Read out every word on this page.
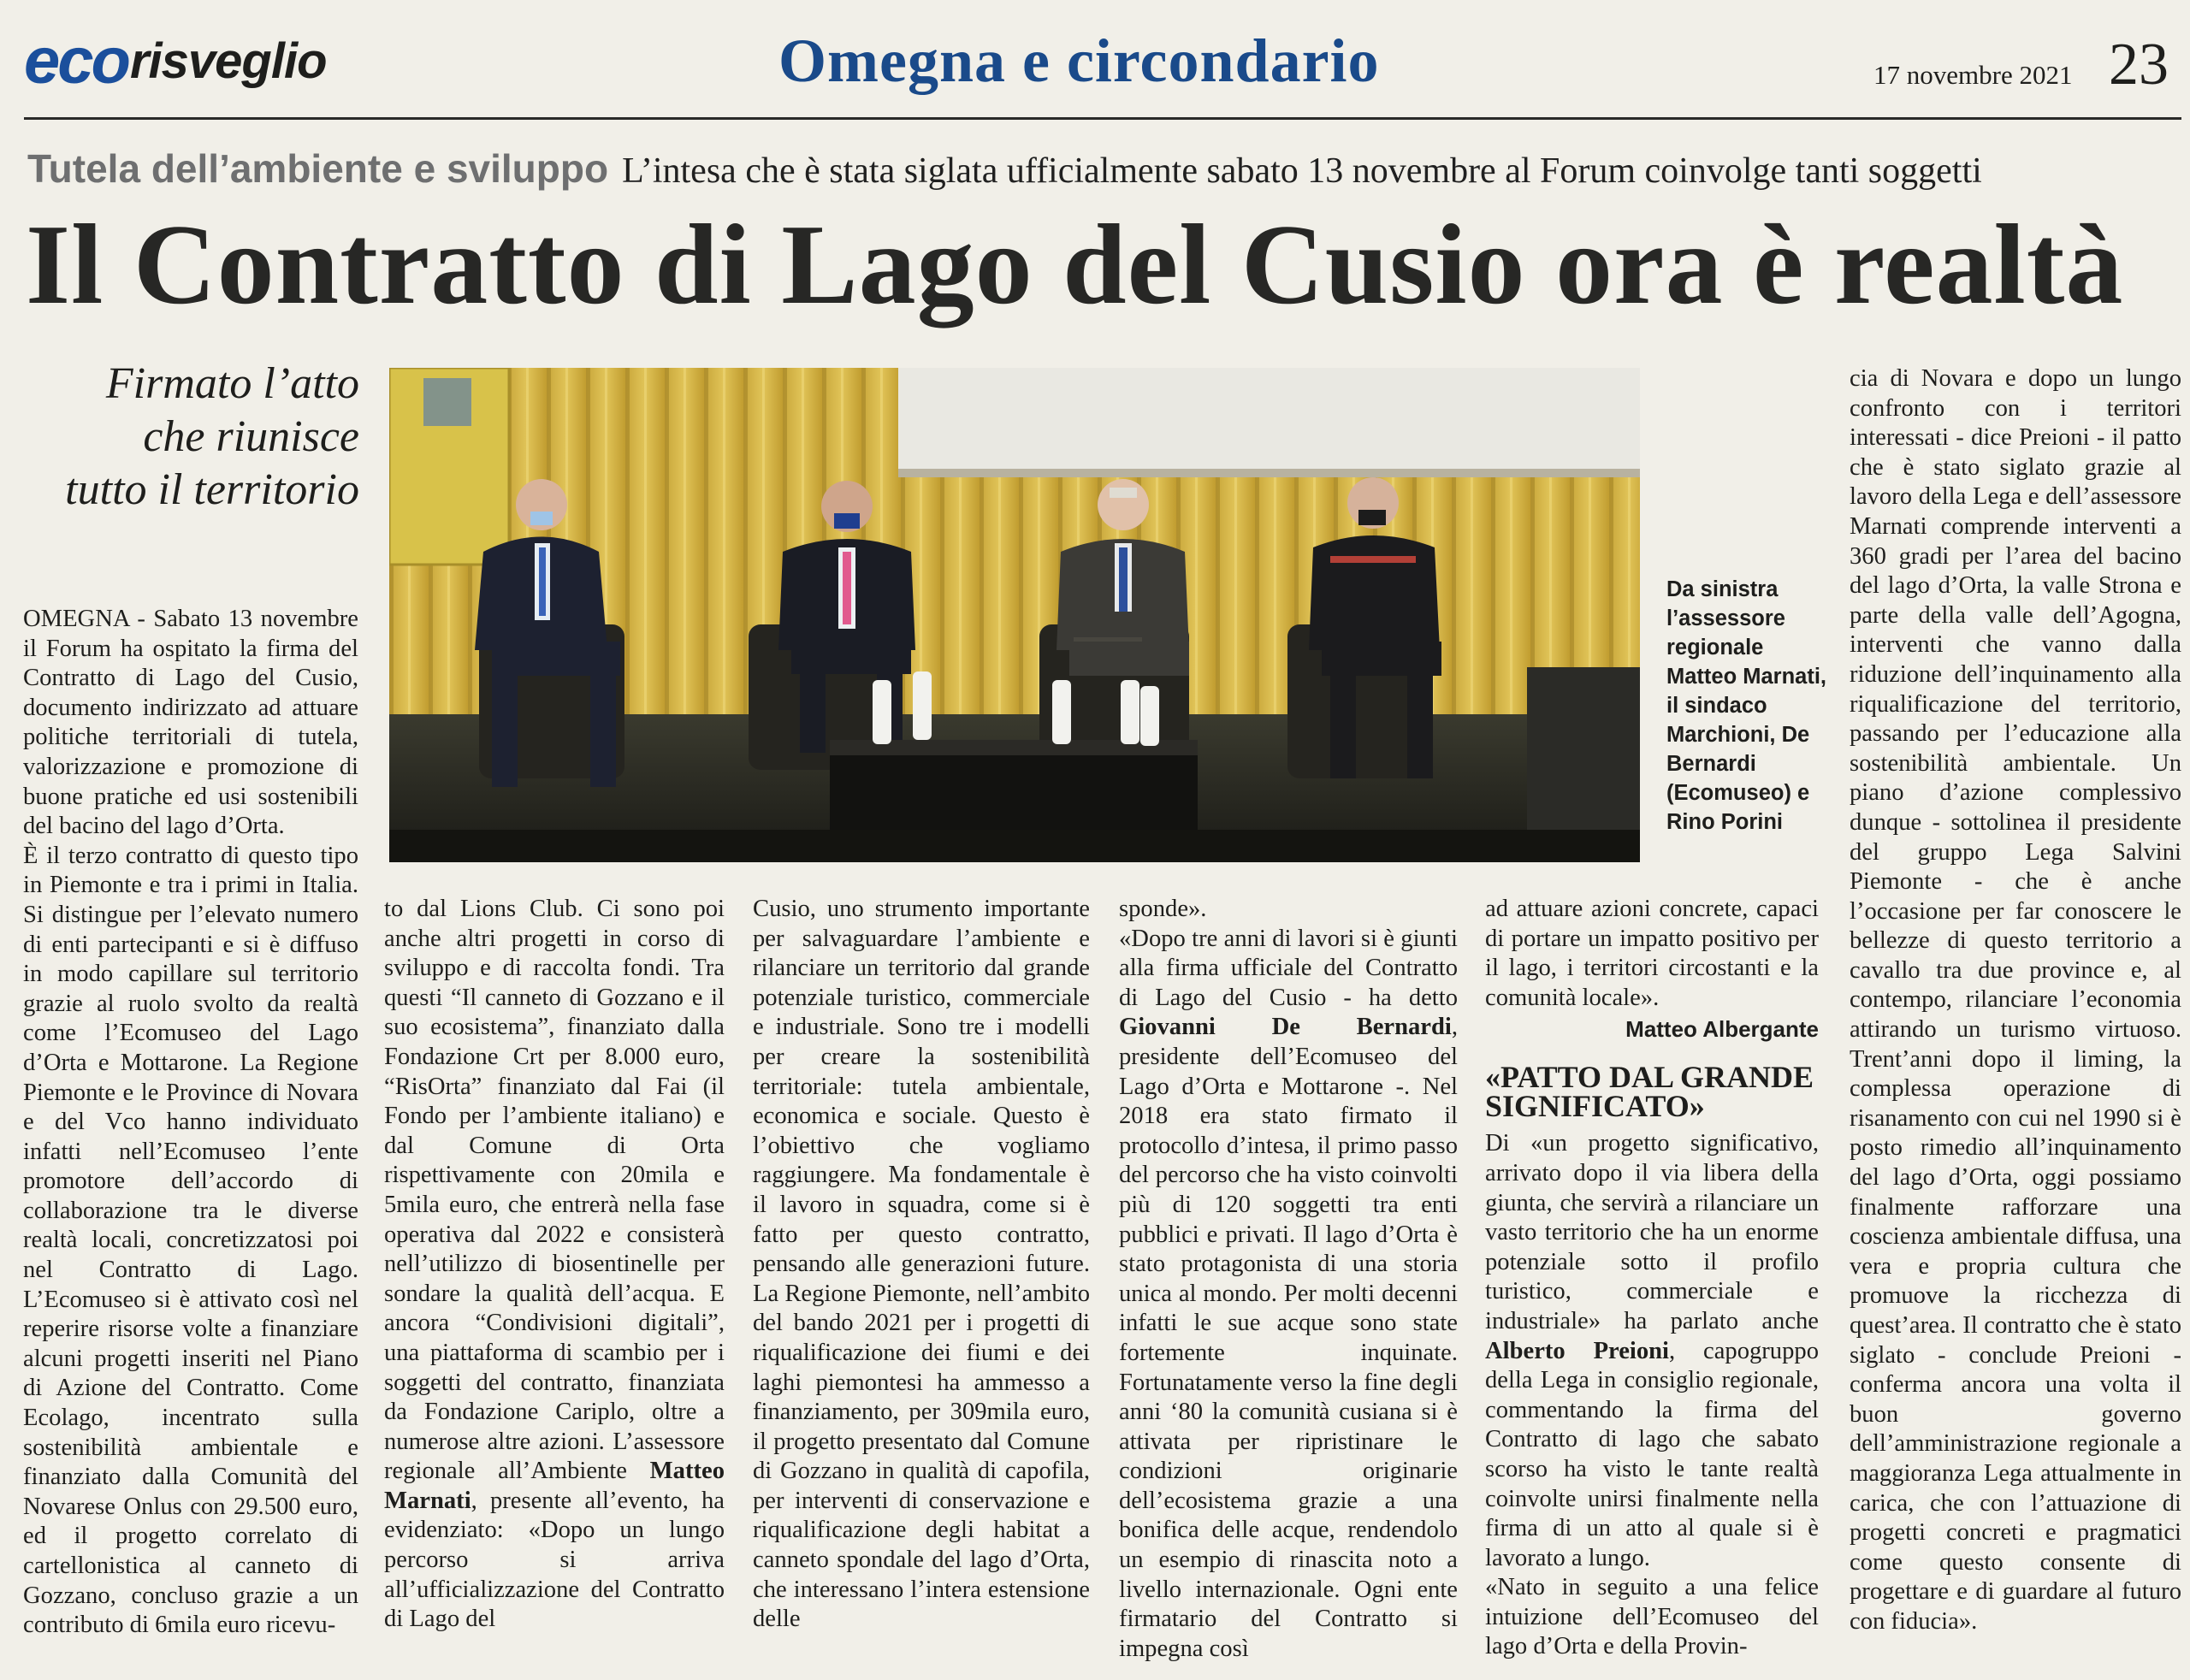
eco risveglio	Omegna e circondario	17 novembre 2021 23
Tutela dell’ambiente e sviluppo L’intesa che è stata siglata ufficialmente sabato 13 novembre al Forum coinvolge tanti soggetti
Il Contratto di Lago del Cusio ora è realtà
Firmato l’atto
che riunisce
tutto il territorio
Da sinistra l’assessore regionale Matteo Marnati, il sindaco Marchioni, De Bernardi (Ecomuseo) e Rino Porini

OMEGNA - Sabato 13 novembre il Forum ha ospitato la firma del Contratto di Lago del Cusio, documento indirizzato ad attuare politiche territoriali di tutela, valorizzazione e promozione di buone pratiche ed usi sostenibili del bacino del lago d’Orta.

È il terzo contratto di questo tipo in Piemonte e tra i primi in Italia. Si distingue per l’elevato numero di enti partecipanti e si è diffuso in modo capillare sul territorio grazie al ruolo svolto da realtà come l’Ecomuseo del Lago d’Orta e Mottarone. La Regione Piemonte e le Province di Novara e del Vco hanno individuato infatti nell’Ecomuseo l’ente promotore dell’accordo di collaborazione tra le diverse realtà locali, concretizzatosi poi nel Contratto di Lago. L’Ecomuseo si è attivato così nel reperire risorse volte a finanziare alcuni progetti inseriti nel Piano di Azione del Contratto. Come Ecolago, incentrato sulla sostenibilità ambientale e finanziato dalla Comunità del Novarese Onlus con 29.500 euro, ed il progetto correlato di cartellonistica al canneto di Gozzano, concluso grazie a un contributo di 6mila euro ricevu-

to dal Lions Club. Ci sono poi anche altri progetti in corso di sviluppo e di raccolta fondi. Tra questi “Il canneto di Gozzano e il suo ecosistema”, finanziato dalla Fondazione Crt per 8.000 euro, “RisOrta” finanziato dal Fai (il Fondo per l’ambiente italiano) e dal Comune di Orta rispettivamente con 20mila e 5mila euro, che entrerà nella fase operativa dal 2022 e consisterà nell’utilizzo di biosentinelle per sondare la qualità dell’acqua. E ancora “Condivisioni digitali”, una piattaforma di scambio per i soggetti del contratto, finanziata da Fondazione Cariplo, oltre a numerose altre azioni. L’assessore regionale all’Ambiente Matteo Marnati, presente all’evento, ha evidenziato: «Dopo un lungo percorso si arriva all’ufficializzazione del Contratto di Lago del

Cusio, uno strumento importante per salvaguardare l’ambiente e rilanciare un territorio dal grande potenziale turistico, commerciale e industriale. Sono tre i modelli per creare la sostenibilità territoriale: tutela ambientale, economica e sociale. Questo è l’obiettivo che vogliamo raggiungere. Ma fondamentale è il lavoro in squadra, come si è fatto per questo contratto, pensando alle generazioni future. La Regione Piemonte, nell’ambito del bando 2021 per i progetti di riqualificazione dei fiumi e dei laghi piemontesi ha ammesso a finanziamento, per 309mila euro, il progetto presentato dal Comune di Gozzano in qualità di capofila, per interventi di conservazione e riqualificazione degli habitat a canneto spondale del lago d’Orta, che interessano l’intera estensione delle

sponde».

«Dopo tre anni di lavori si è giunti alla firma ufficiale del Contratto di Lago del Cusio - ha detto Giovanni De Bernardi, presidente dell’Ecomuseo del Lago d’Orta e Mottarone -. Nel 2018 era stato firmato il protocollo d’intesa, il primo passo del percorso che ha visto coinvolti più di 120 soggetti tra enti pubblici e privati. Il lago d’Orta è stato protagonista di una storia unica al mondo. Per molti decenni infatti le sue acque sono state fortemente inquinate. Fortunatamente verso la fine degli anni ‘80 la comunità cusiana si è attivata per ripristinare le condizioni originarie dell’ecosistema grazie a una bonifica delle acque, rendendolo un esempio di rinascita noto a livello internazionale. Ogni ente firmatario del Contratto si impegna così

ad attuare azioni concrete, capaci di portare un impatto positivo per il lago, i territori circostanti e la comunità locale».

Matteo Albergante
«PATTO DAL GRANDE SIGNIFICATO»

Di «un progetto significativo, arrivato dopo il via libera della giunta, che servirà a rilanciare un vasto territorio che ha un enorme potenziale sotto il profilo turistico, commerciale e industriale» ha parlato anche Alberto Preioni, capogruppo della Lega in consiglio regionale, commentando la firma del Contratto di lago che sabato scorso ha visto le tante realtà coinvolte unirsi finalmente nella firma di un atto al quale si è lavorato a lungo.

«Nato in seguito a una felice intuizione dell’Ecomuseo del lago d’Orta e della Provin-

cia di Novara e dopo un lungo confronto con i territori interessati - dice Preioni - il patto che è stato siglato grazie al lavoro della Lega e dell’assessore Marnati comprende interventi a 360 gradi per l’area del bacino del lago d’Orta, la valle Strona e parte della valle dell’Agogna, interventi che vanno dalla riduzione dell’inquinamento alla riqualificazione del territorio, passando per l’educazione alla sostenibilità ambientale. Un piano d’azione complessivo dunque - sottolinea il presidente del gruppo Lega Salvini Piemonte - che è anche l’occasione per far conoscere le bellezze di questo territorio a cavallo tra due province e, al contempo, rilanciare l’economia attirando un turismo virtuoso. Trent’anni dopo il liming, la complessa operazione di risanamento con cui nel 1990 si è posto rimedio all’inquinamento del lago d’Orta, oggi possiamo finalmente rafforzare una coscienza ambientale diffusa, una vera e propria cultura che promuove la ricchezza di quest’area. Il contratto che è stato siglato - conclude Preioni - conferma ancora una volta il buon governo dell’amministrazione regionale a maggioranza Lega attualmente in carica, che con l’attuazione di progetti concreti e pragmatici come questo consente di progettare e di guardare al futuro con fiducia».
